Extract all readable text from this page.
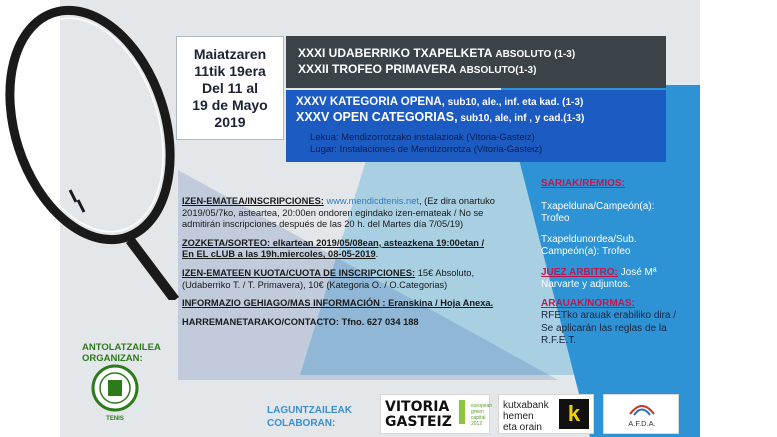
Maiatzaren
11tik 19era
Del 11 al
19 de Mayo
2019
XXXI UDABERRIKO TXAPELKETA ABSOLUTO (1-3)
XXXII TROFEO PRIMAVERA ABSOLUTO(1-3)
XXXV KATEGORIA OPENA, sub10, ale., inf. eta kad. (1-3)
XXXV OPEN CATEGORIAS, sub10, ale, inf , y cad.(1-3)
Lekua: Mendizorrotzako instalazioak (Vitoria-Gasteiz)
Lugar: Instalaciones de Mendizorrotza (Vitoria-Gasteiz)

IZEN-EMATEA/INSCRIPCIONES: www.mendicdtenis.net, (Ez dira onartuko 2019/05/7ko, asteartea, 20:00en ondoren egindako izen-emateak / No se admitirán inscripciones después de las 20 h. del Martes día 7/05/19)

ZOZKETA/SORTEO: elkartean 2019/05/08ean, asteazkena 19:00etan / En EL cLUB a las 19h.miercoles, 08-05-2019.

IZEN-EMATEEN KUOTA/CUOTA DE INSCRIPCIONES: 15€ Absoluto,(Udaberriko T. / T. Primavera), 10€ (Kategoria O. / O.Categorias)

INFORMAZIO GEHIAGO/MAS INFORMACIÓN : Eranskina / Hoja Anexa.

HARREMANETARAKO/CONTACTO: Tfno. 627 034 188

SARIAK/REMIOS:
Txapelduna/Campeón(a): Trofeo
Txapeldunordea/Sub. Campeón(a): Trofeo
JUEZ ARBITRO: José Mª Narvarte y adjuntos.
ARAUAK/NORMAS:
RFETko arauak erabiliko dira / Se aplicarán las reglas de la R.F.E.T.
ANTOLATZAILEA ORGANIZAN:
TENIS
LAGUNTZAILEAK
COLABORAN:
VITORIA
GASTEIZ
european green capital 2012
kutxabank
hemen
eta orain
k	A.F.D.A.
